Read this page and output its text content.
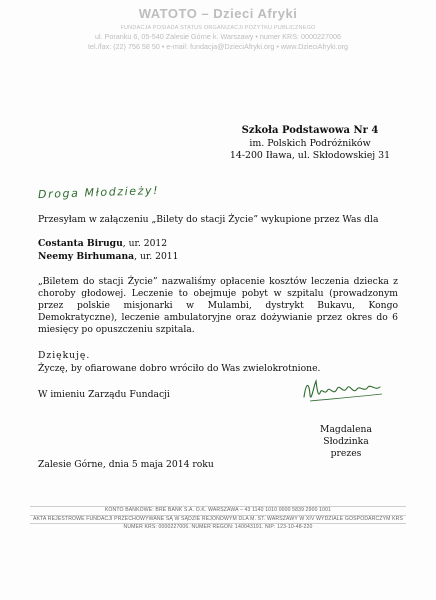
WATOTO – Dzieci Afryki
FUNDACJA POSIADA STATUS ORGANIZACJI POŻYTKU PUBLICZNEGO
ul. Poranku 6, 05-540 Zalesie Górne k. Warszawy • numer KRS: 0000227006
tel./fax: (22) 756 58 50 • e-mail: fundacja@DzieciAfryki.org • www.DzieciAfryki.org
Szkoła Podstawowa Nr 4
im. Polskich Podróżników
14-200 Iława, ul. Skłodowskiej 31
Droga Młodzieży!
Przesyłam w załączeniu „Bilety do stacji Życie” wykupione przez Was dla
Costanta Birugu, ur. 2012
Neemy Birhumana, ur. 2011
„Biletem do stacji Życie” nazwaliśmy opłacenie kosztów leczenia dziecka z choroby głodowej. Leczenie to obejmuje pobyt w szpitalu (prowadzonym przez polskie misjonarki w Mulambi, dystrykt Bukavu, Kongo Demokratyczne), leczenie ambulatoryjne oraz dożywianie przez okres do 6 miesięcy po opuszczeniu szpitala.
Dziękuję.
Życzę, by ofiarowane dobro wróciło do Was zwielokrotnione.
W imieniu Zarządu Fundacji
Magdalena Słodzinka
prezes
Zalesie Górne, dnia 5 maja 2014 roku
KONTO BANKOWE: BRE BANK S.A. O.K. WARSZAWA – 43 1140 1010 0000 5839 2900 1001
AKTA REJESTROWE FUNDACJI PRZECHOWYWANE SĄ W SĄDZIE REJONOWYM DLA M. ST. WARSZAWY W XIV WYDZIALE GOSPODARCZYM KRS
NUMER KRS: 0000227006. NUMER REGON: 140043191. NIP: 123-10-48-220
